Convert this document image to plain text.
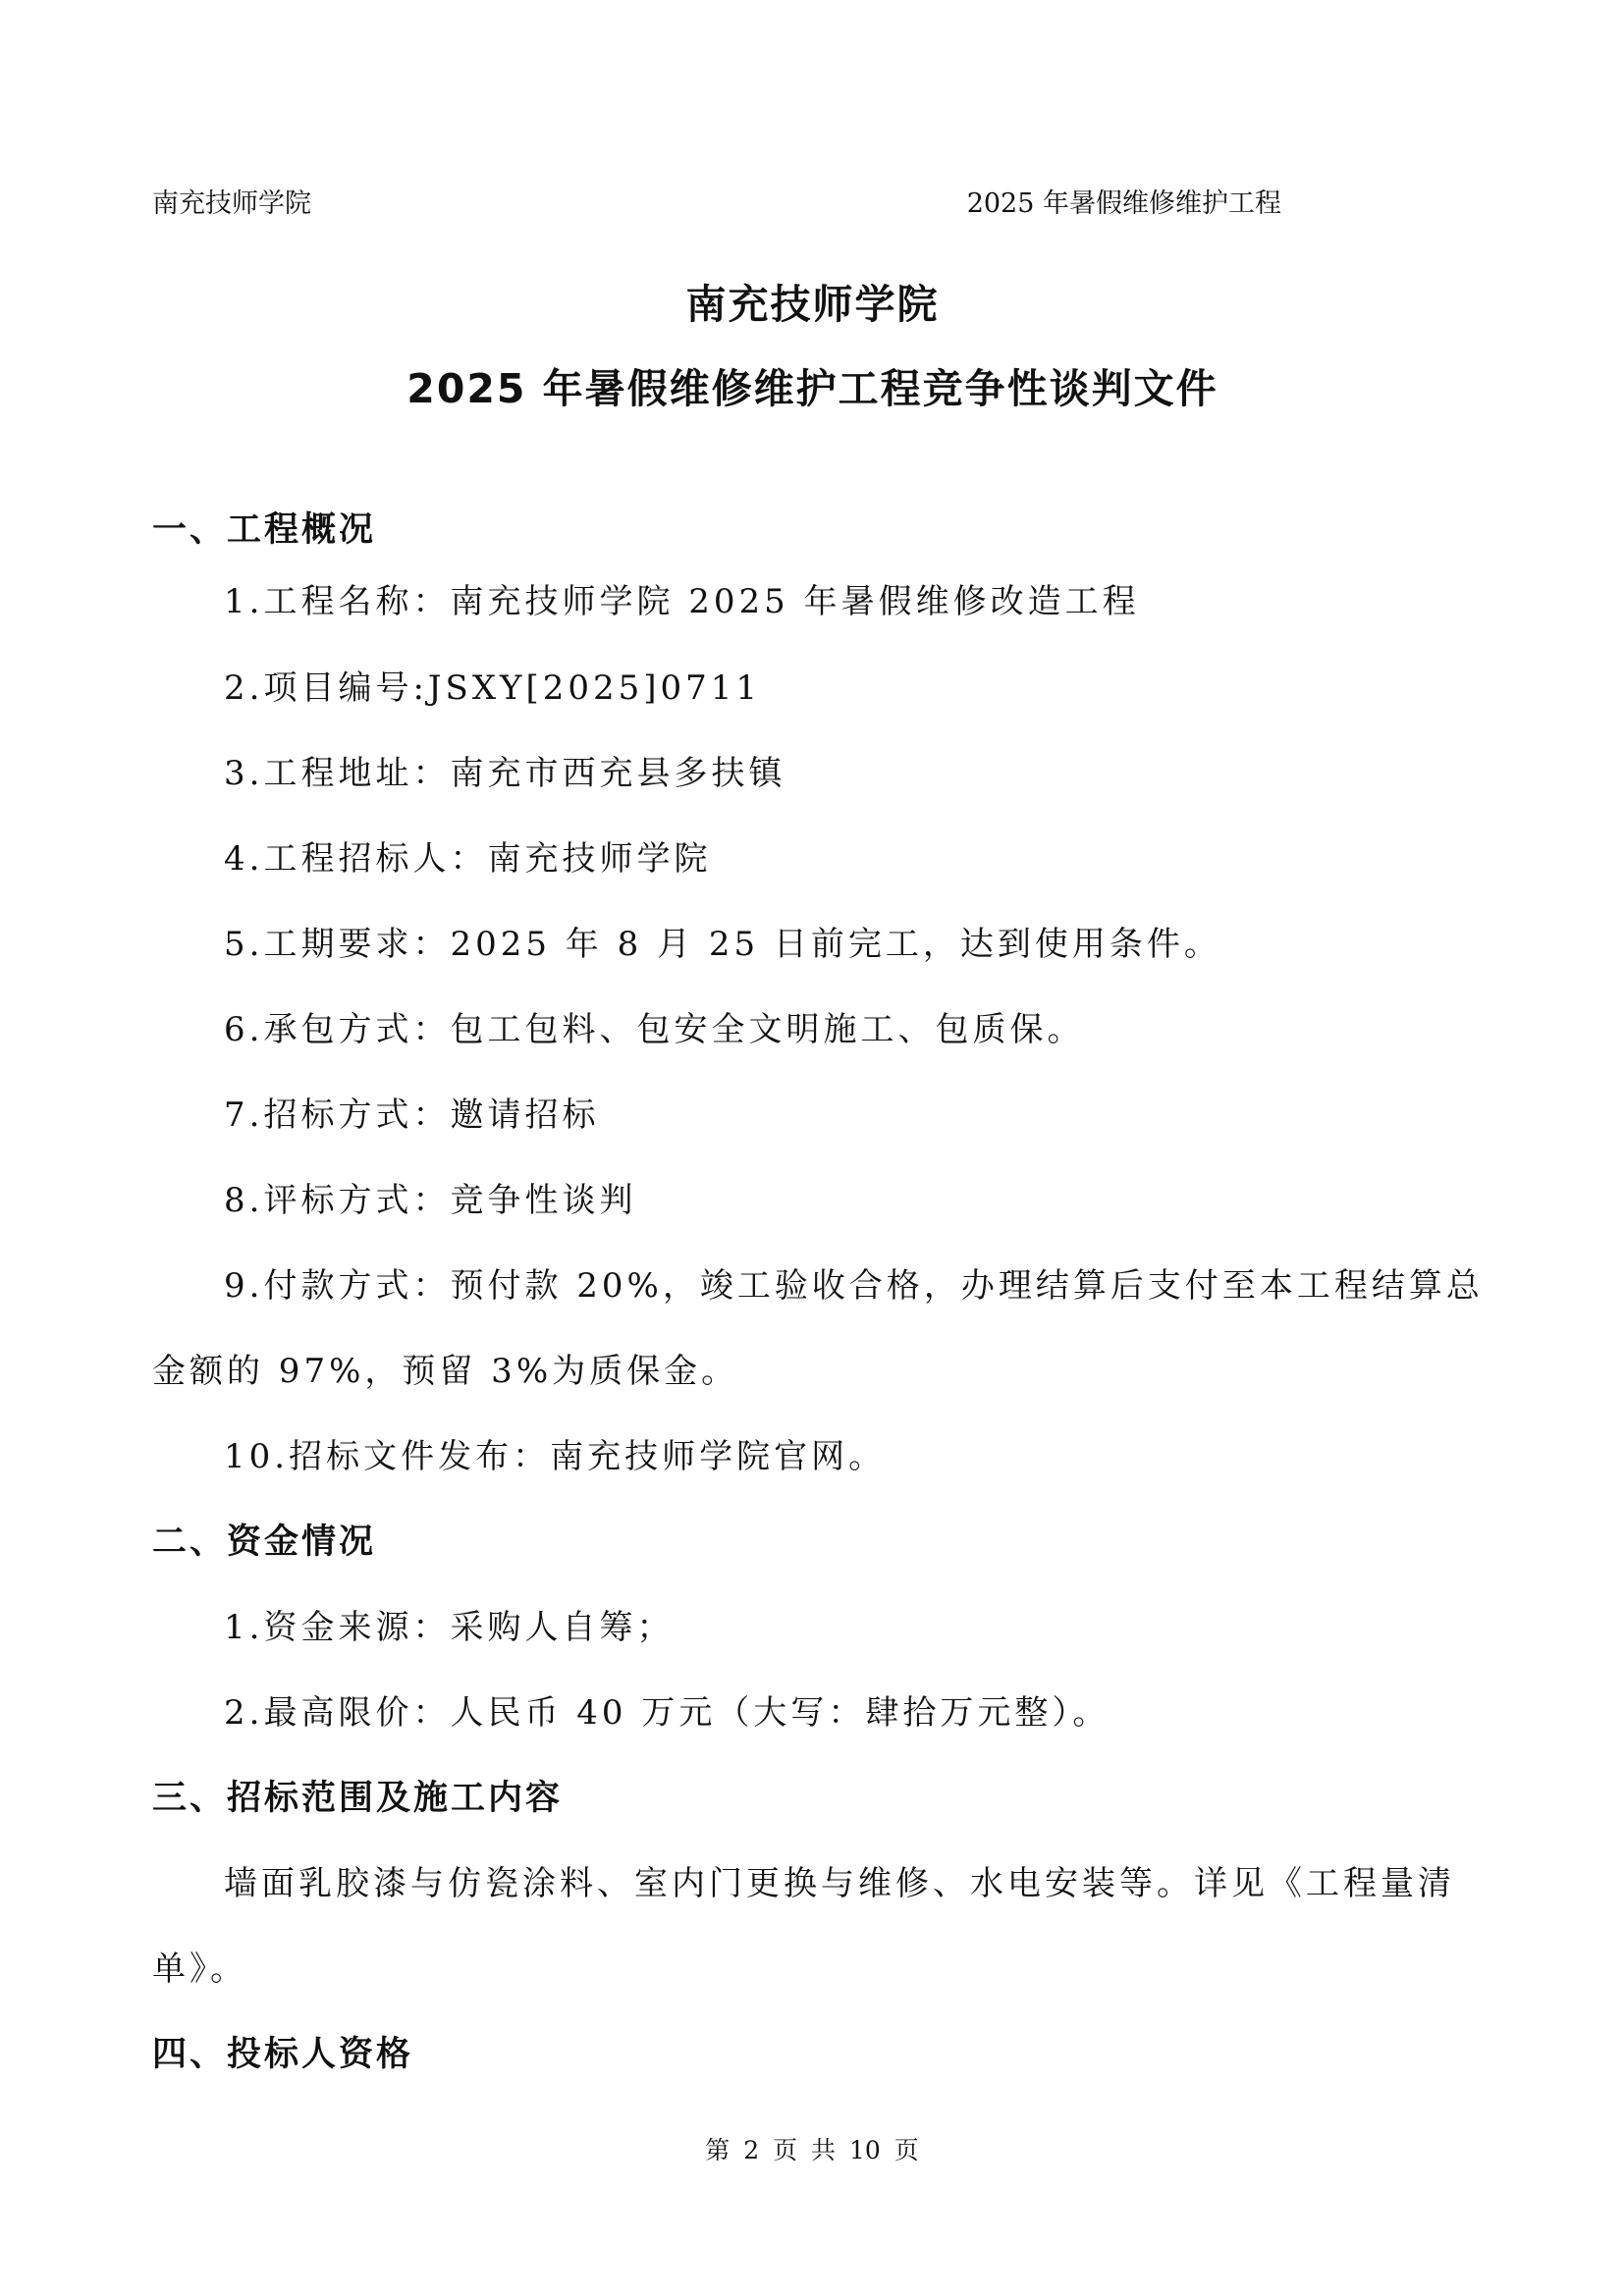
南充技师学院	2025 年暑假维修维护工程
南充技师学院
2025 年暑假维修维护工程竞争性谈判文件
一、工程概况
1.工程名称：南充技师学院 2025 年暑假维修改造工程
2.项目编号:JSXY[2025]0711
3.工程地址：南充市西充县多扶镇
4.工程招标人：南充技师学院
5.工期要求：2025 年 8 月 25 日前完工，达到使用条件。
6.承包方式：包工包料、包安全文明施工、包质保。
7.招标方式：邀请招标
8.评标方式：竞争性谈判
9.付款方式：预付款 20%，竣工验收合格，办理结算后支付至本工程结算总
金额的 97%，预留 3%为质保金。
10.招标文件发布：南充技师学院官网。
二、资金情况
1.资金来源：采购人自筹；
2.最高限价：人民币 40 万元（大写：肆拾万元整）。
三、招标范围及施工内容
墙面乳胶漆与仿瓷涂料、室内门更换与维修、水电安装等。详见《工程量清
单》。
四、投标人资格
第 2 页 共 10 页
